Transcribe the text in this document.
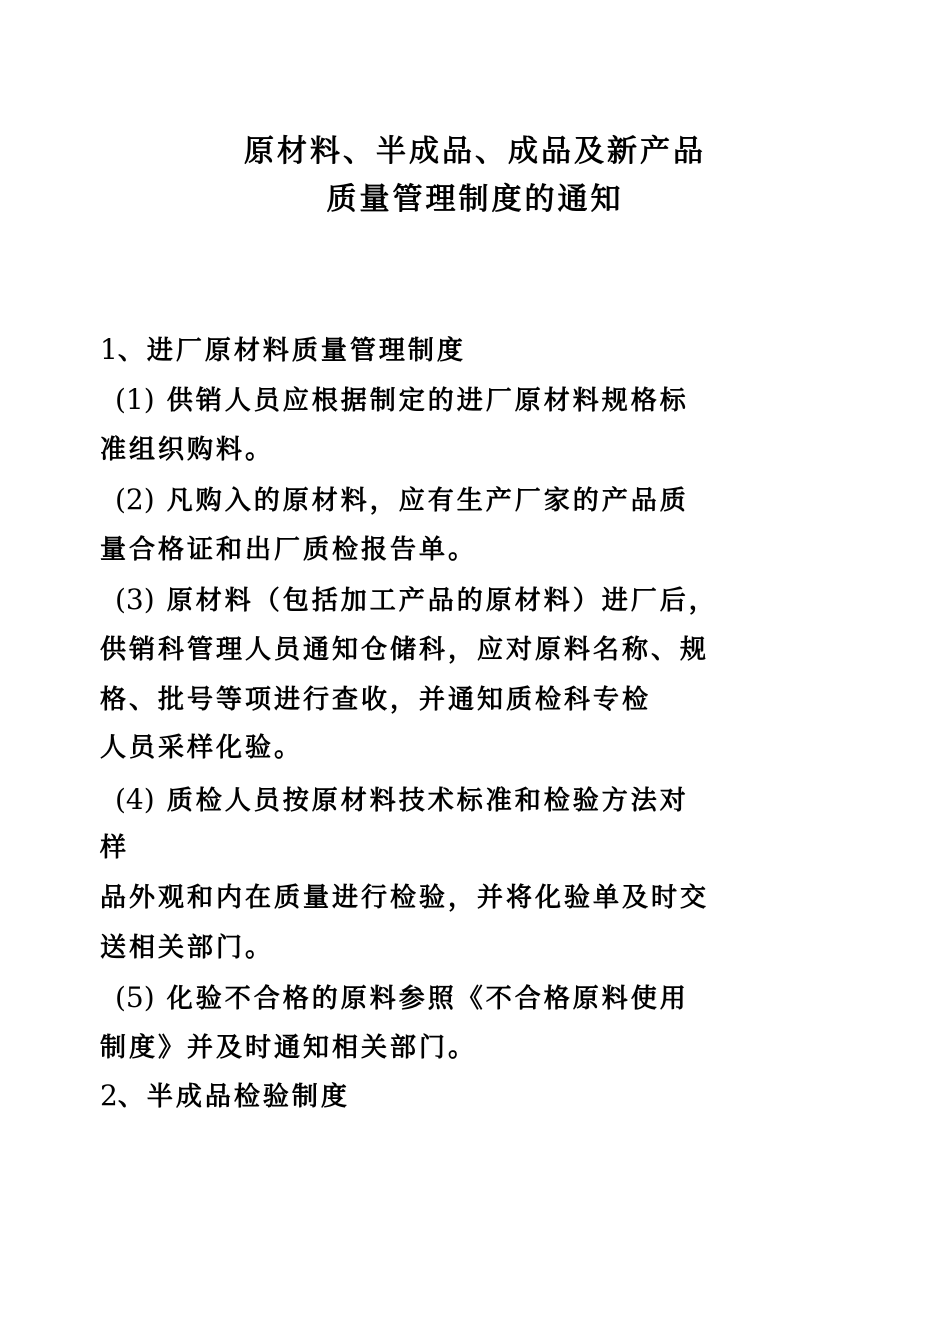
原材料、半成品、成品及新产品
质量管理制度的通知
1、进厂原材料质量管理制度
(1) 供销人员应根据制定的进厂原材料规格标
准组织购料。
(2) 凡购入的原材料，应有生产厂家的产品质
量合格证和出厂质检报告单。
(3) 原材料（包括加工产品的原材料）进厂后，
供销科管理人员通知仓储科，应对原料名称、规
格、批号等项进行查收，并通知质检科专检
人员采样化验。
(4) 质检人员按原材料技术标准和检验方法对
样
品外观和内在质量进行检验，并将化验单及时交
送相关部门。
(5) 化验不合格的原料参照《不合格原料使用
制度》并及时通知相关部门。
2、半成品检验制度
